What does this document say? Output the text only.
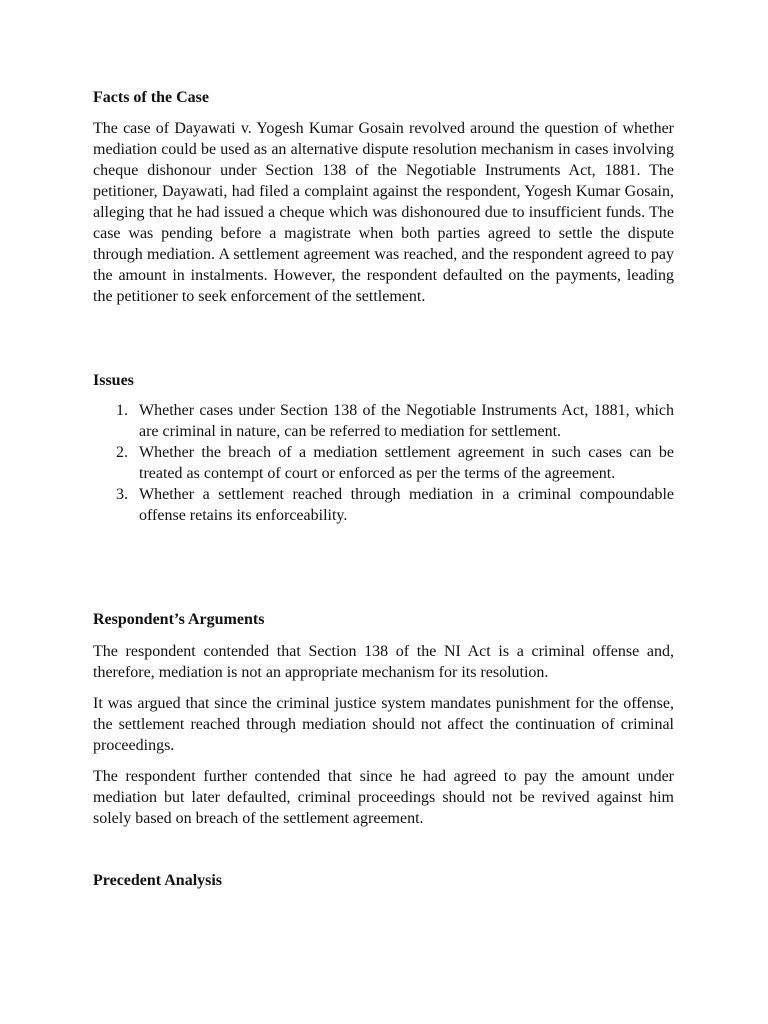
Facts of the Case

The case of Dayawati v. Yogesh Kumar Gosain revolved around the question of whether mediation could be used as an alternative dispute resolution mechanism in cases involving cheque dishonour under Section 138 of the Negotiable Instruments Act, 1881. The petitioner, Dayawati, had filed a complaint against the respondent, Yogesh Kumar Gosain, alleging that he had issued a cheque which was dishonoured due to insufficient funds. The case was pending before a magistrate when both parties agreed to settle the dispute through mediation. A settlement agreement was reached, and the respondent agreed to pay the amount in instalments. However, the respondent defaulted on the payments, leading the petitioner to seek enforcement of the settlement.

Issues
1. Whether cases under Section 138 of the Negotiable Instruments Act, 1881, which are criminal in nature, can be referred to mediation for settlement.
2. Whether the breach of a mediation settlement agreement in such cases can be treated as contempt of court or enforced as per the terms of the agreement.
3. Whether a settlement reached through mediation in a criminal compoundable offense retains its enforceability.
Respondent’s Arguments

The respondent contended that Section 138 of the NI Act is a criminal offense and, therefore, mediation is not an appropriate mechanism for its resolution.

It was argued that since the criminal justice system mandates punishment for the offense, the settlement reached through mediation should not affect the continuation of criminal proceedings.

The respondent further contended that since he had agreed to pay the amount under mediation but later defaulted, criminal proceedings should not be revived against him solely based on breach of the settlement agreement.

Precedent Analysis
